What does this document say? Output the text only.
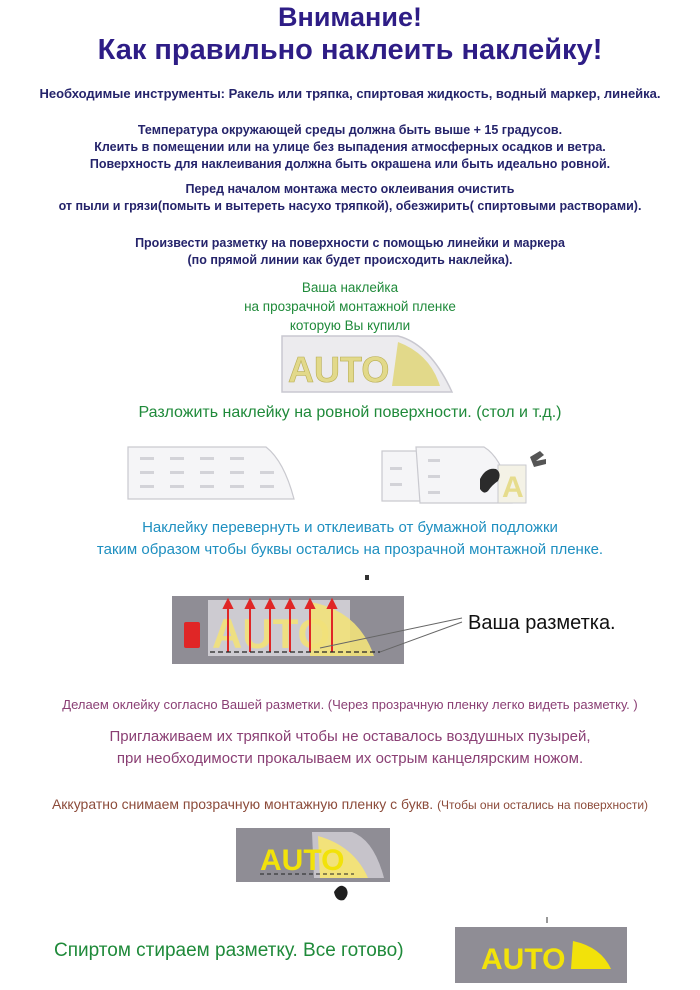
Внимание!
Как правильно наклеить наклейку!

Необходимые инструменты: Ракель или тряпка, спиртовая жидкость, водный маркер, линейка.

Температура окружающей среды должна быть выше + 15 градусов.
Клеить в помещении или на улице без выпадения атмосферных осадков и ветра.
Поверхность для наклеивания должна быть окрашена или быть идеально ровной.
Перед началом монтажа место оклеивания очистить
от пыли и грязи(помыть и вытереть насухо тряпкой), обезжирить( спиртовыми растворами).
Произвести разметку на поверхности с помощью линейки и маркера
(по прямой линии как будет происходить наклейка).
Ваша наклейка
на прозрачной монтажной пленке
которую Вы купили
AUTO

Разложить наклейку на ровной поверхности. (стол и т.д.)

A
Наклейку перевернуть и отклеивать от бумажной подложки
таким образом чтобы буквы остались на прозрачной монтажной пленке.
AUTO	Ваша разметка.

Делаем оклейку согласно Вашей разметки. (Через прозрачную пленку легко видеть разметку. )

Приглаживаем их тряпкой чтобы не оставалось воздушных пузырей,
при необходимости прокалываем их острым канцелярским ножом.

Аккуратно снимаем прозрачную монтажную пленку с букв. (Чтобы они остались на поверхности)

AUTO

Спиртом стираем разметку. Все готово)	AUTO
